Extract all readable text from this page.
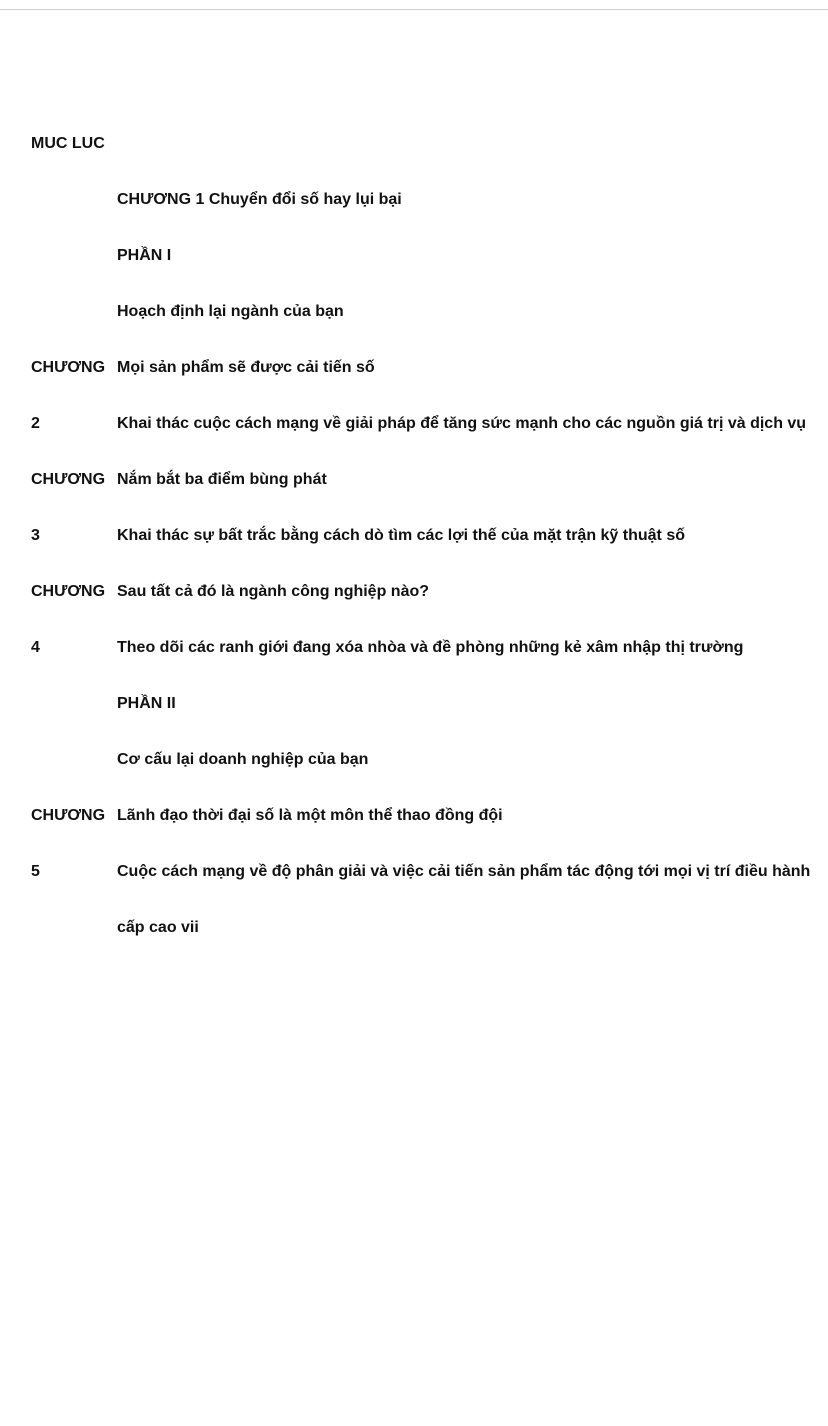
MUC LUC
CHƯƠNG 1 Chuyển đổi số hay lụi bại
PHẦN I
Hoạch định lại ngành của bạn
CHƯƠNG Mọi sản phẩm sẽ được cải tiến số
2	Khai thác cuộc cách mạng về giải pháp để tăng sức mạnh cho các nguồn giá trị và dịch vụ
CHƯƠNG Nắm bắt ba điểm bùng phát
3	Khai thác sự bất trắc bằng cách dò tìm các lợi thế của mặt trận kỹ thuật số
CHƯƠNG Sau tất cả đó là ngành công nghiệp nào?
4	Theo dõi các ranh giới đang xóa nhòa và đề phòng những kẻ xâm nhập thị trường
PHẦN II
Cơ cấu lại doanh nghiệp của bạn
CHƯƠNG Lãnh đạo thời đại số là một môn thể thao đồng đội
5	Cuộc cách mạng về độ phân giải và việc cải tiến sản phẩm tác động tới mọi vị trí điều hành
cấp cao vii
